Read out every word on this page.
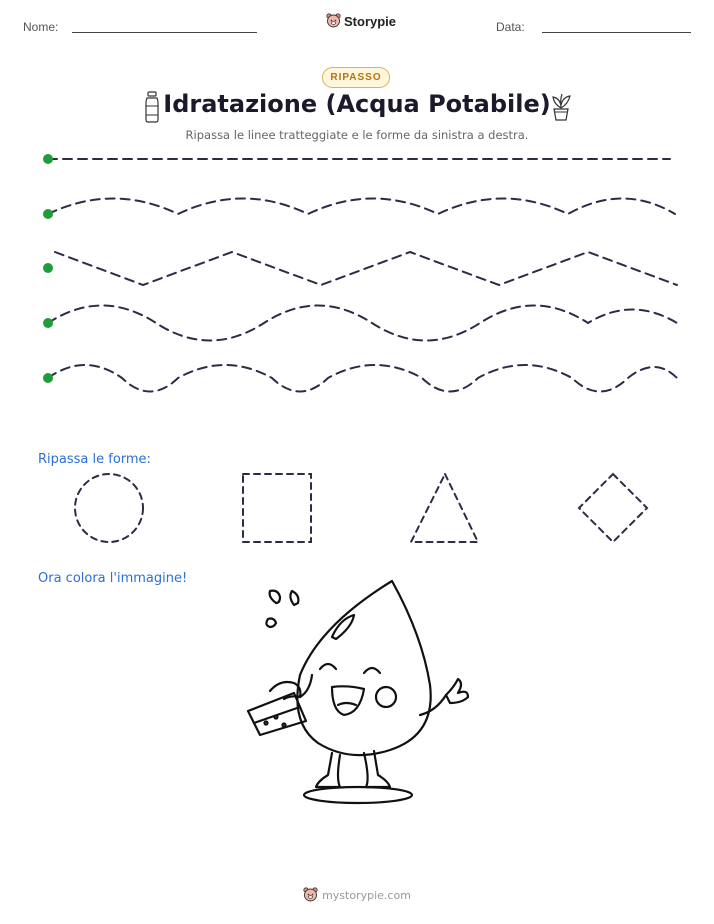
Nome:	Storypie	Data:
RIPASSO
Idratazione (Acqua Potabile)
Ripassa le linee tratteggiate e le forme da sinistra a destra.
Ripassa le forme:
Ora colora l'immagine!
mystorypie.com
